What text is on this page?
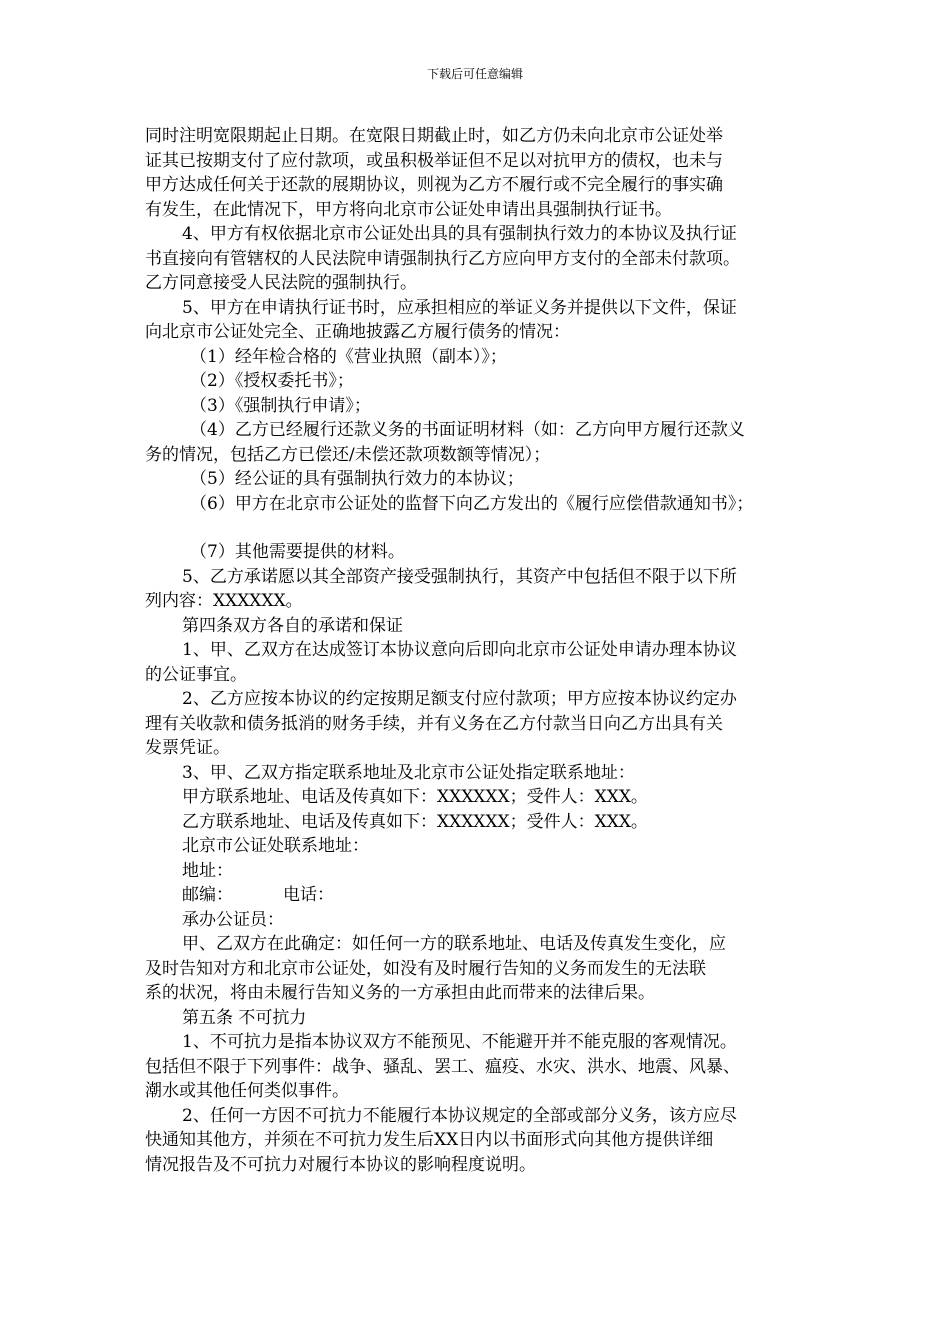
下载后可任意编辑

同时注明宽限期起止日期。在宽限日期截止时，如乙方仍未向北京市公证处举

证其已按期支付了应付款项，或虽积极举证但不足以对抗甲方的债权，也未与

甲方达成任何关于还款的展期协议，则视为乙方不履行或不完全履行的事实确

有发生，在此情况下，甲方将向北京市公证处申请出具强制执行证书。

4、甲方有权依据北京市公证处出具的具有强制执行效力的本协议及执行证

书直接向有管辖权的人民法院申请强制执行乙方应向甲方支付的全部未付款项。

乙方同意接受人民法院的强制执行。

5、甲方在申请执行证书时，应承担相应的举证义务并提供以下文件，保证

向北京市公证处完全、正确地披露乙方履行债务的情况：

（1）经年检合格的《营业执照（副本）》；

（2）《授权委托书》；

（3）《强制执行申请》；

（4）乙方已经履行还款义务的书面证明材料（如：乙方向甲方履行还款义

务的情况，包括乙方已偿还/未偿还款项数额等情况）；

（5）经公证的具有强制执行效力的本协议；

（6）甲方在北京市公证处的监督下向乙方发出的《履行应偿借款通知书》；

（7）其他需要提供的材料。

5、乙方承诺愿以其全部资产接受强制执行，其资产中包括但不限于以下所

列内容：XXXXXX。

第四条双方各自的承诺和保证

1、甲、乙双方在达成签订本协议意向后即向北京市公证处申请办理本协议

的公证事宜。

2、乙方应按本协议的约定按期足额支付应付款项；甲方应按本协议约定办

理有关收款和债务抵消的财务手续，并有义务在乙方付款当日向乙方出具有关

发票凭证。

3、甲、乙双方指定联系地址及北京市公证处指定联系地址：

甲方联系地址、电话及传真如下：XXXXXX；受件人：XXX。

乙方联系地址、电话及传真如下：XXXXXX；受件人：XXX。

北京市公证处联系地址：

地址：

邮编：	电话：

承办公证员：

甲、乙双方在此确定：如任何一方的联系地址、电话及传真发生变化，应

及时告知对方和北京市公证处，如没有及时履行告知的义务而发生的无法联

系的状况，将由未履行告知义务的一方承担由此而带来的法律后果。

第五条 不可抗力

1、不可抗力是指本协议双方不能预见、不能避开并不能克服的客观情况。

包括但不限于下列事件：战争、骚乱、罢工、瘟疫、水灾、洪水、地震、风暴、

潮水或其他任何类似事件。

2、任何一方因不可抗力不能履行本协议规定的全部或部分义务，该方应尽

快通知其他方，并须在不可抗力发生后XX日内以书面形式向其他方提供详细

情况报告及不可抗力对履行本协议的影响程度说明。
